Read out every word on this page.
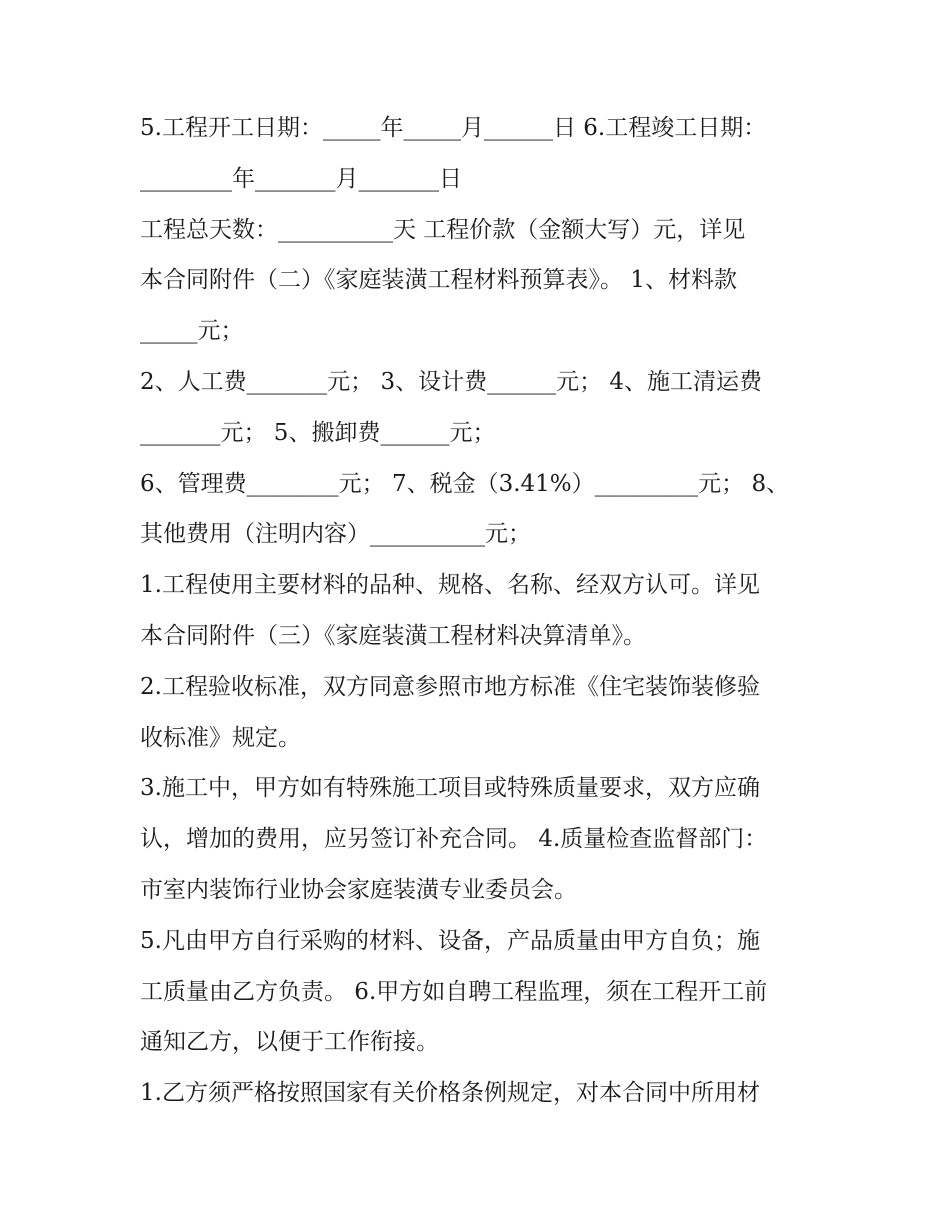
5.工程开工日期：_____年_____月______日 6.工程竣工日期：
________年_______月_______日
工程总天数：__________天 工程价款（金额大写）元，详见
本合同附件（二）《家庭装潢工程材料预算表》。 1、材料款
_____元；
2、人工费_______元； 3、设计费______元； 4、施工清运费
_______元； 5、搬卸费______元；
6、管理费________元； 7、税金（3.41%）_________元； 8、
其他费用（注明内容）__________元；
1.工程使用主要材料的品种、规格、名称、经双方认可。详见
本合同附件（三）《家庭装潢工程材料决算清单》。
2.工程验收标准，双方同意参照市地方标准《住宅装饰装修验
收标准》规定。
3.施工中，甲方如有特殊施工项目或特殊质量要求，双方应确
认，增加的费用，应另签订补充合同。 4.质量检查监督部门：
市室内装饰行业协会家庭装潢专业委员会。
5.凡由甲方自行采购的材料、设备，产品质量由甲方自负；施
工质量由乙方负责。 6.甲方如自聘工程监理，须在工程开工前
通知乙方，以便于工作衔接。
1.乙方须严格按照国家有关价格条例规定，对本合同中所用材
